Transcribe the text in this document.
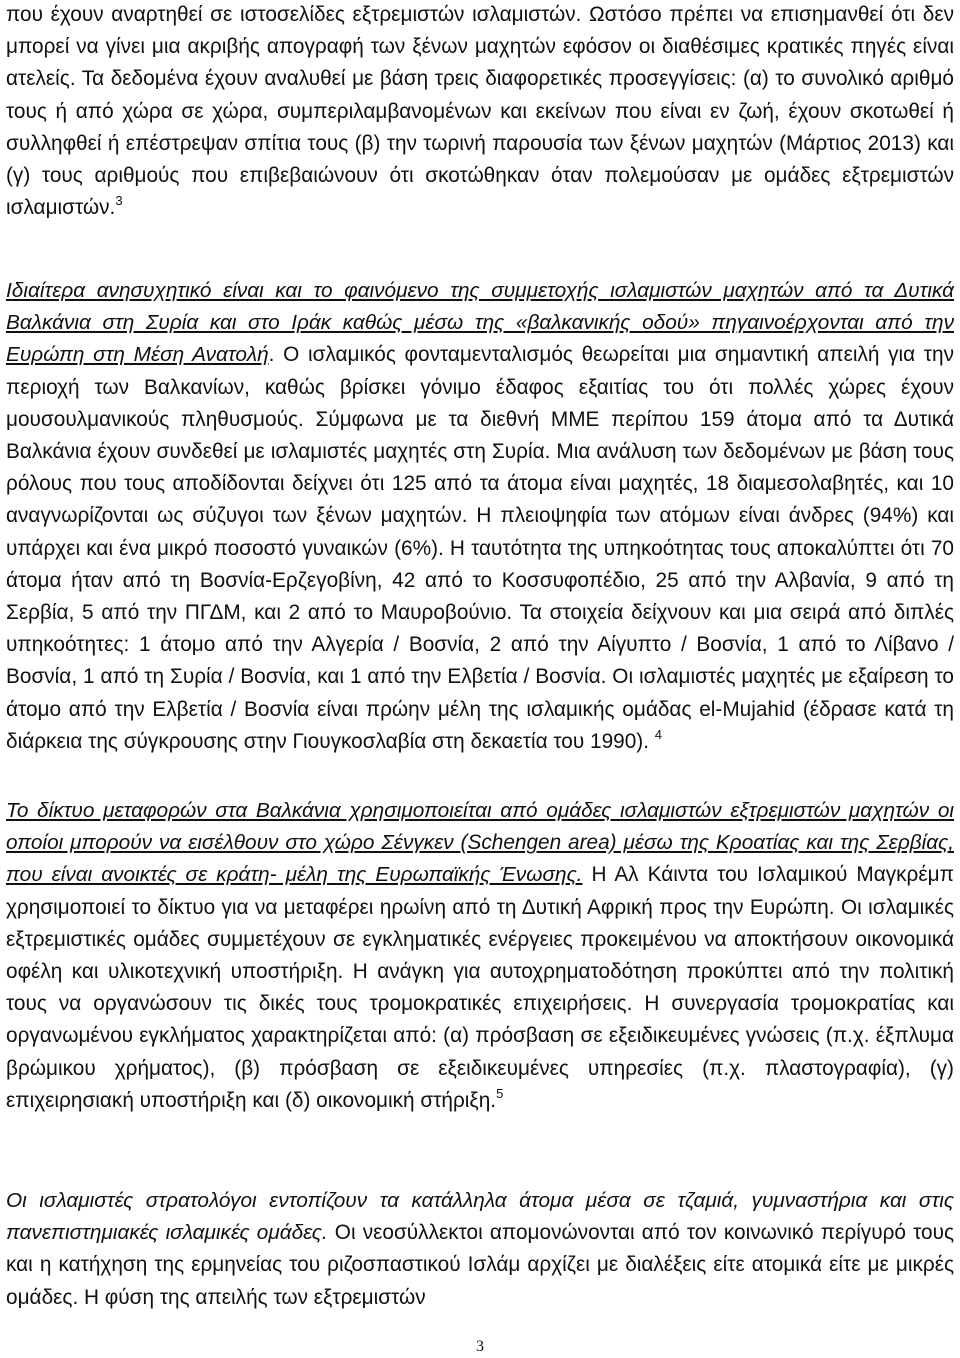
που έχουν αναρτηθεί σε ιστοσελίδες εξτρεμιστών ισλαμιστών. Ωστόσο πρέπει να επισημανθεί ότι δεν μπορεί να γίνει μια ακριβής απογραφή των ξένων μαχητών εφόσον οι διαθέσιμες κρατικές πηγές είναι ατελείς. Τα δεδομένα έχουν αναλυθεί με βάση τρεις διαφορετικές προσεγγίσεις: (α) το συνολικό αριθμό τους ή από χώρα σε χώρα, συμπεριλαμβανομένων και εκείνων που είναι εν ζωή, έχουν σκοτωθεί ή συλληφθεί ή επέστρεψαν σπίτια τους (β) την τωρινή παρουσία των ξένων μαχητών (Μάρτιος 2013) και (γ) τους αριθμούς που επιβεβαιώνουν ότι σκοτώθηκαν όταν πολεμούσαν με ομάδες εξτρεμιστών ισλαμιστών.$^3$

Ιδιαίτερα ανησυχητικό είναι και το φαινόμενο της συμμετοχής ισλαμιστών μαχητών από τα Δυτικά Βαλκάνια στη Συρία και στο Ιράκ καθώς μέσω της «βαλκανικής οδού» πηγαινοέρχονται από την Ευρώπη στη Μέση Ανατολή. Ο ισλαμικός φονταμενταλισμός θεωρείται μια σημαντική απειλή για την περιοχή των Βαλκανίων, καθώς βρίσκει γόνιμο έδαφος εξαιτίας του ότι πολλές χώρες έχουν μουσουλμανικούς πληθυσμούς. Σύμφωνα με τα διεθνή ΜΜΕ περίπου 159 άτομα από τα Δυτικά Βαλκάνια έχουν συνδεθεί με ισλαμιστές μαχητές στη Συρία. Μια ανάλυση των δεδομένων με βάση τους ρόλους που τους αποδίδονται δείχνει ότι 125 από τα άτομα είναι μαχητές, 18 διαμεσολαβητές, και 10 αναγνωρίζονται ως σύζυγοι των ξένων μαχητών. Η πλειοψηφία των ατόμων είναι άνδρες (94%) και υπάρχει και ένα μικρό ποσοστό γυναικών (6%). Η ταυτότητα της υπηκοότητας τους αποκαλύπτει ότι 70 άτομα ήταν από τη Βοσνία-Ερζεγοβίνη, 42 από το Κοσσυφοπέδιο, 25 από την Αλβανία, 9 από τη Σερβία, 5 από την ΠΓΔΜ, και 2 από το Μαυροβούνιο. Τα στοιχεία δείχνουν και μια σειρά από διπλές υπηκοότητες: 1 άτομο από την Αλγερία / Βοσνία, 2 από την Αίγυπτο / Βοσνία, 1 από το Λίβανο / Βοσνία, 1 από τη Συρία / Βοσνία, και 1 από την Ελβετία / Βοσνία. Οι ισλαμιστές μαχητές με εξαίρεση το άτομο από την Ελβετία / Βοσνία είναι πρώην μέλη της ισλαμικής ομάδας el-Mujahid (έδρασε κατά τη διάρκεια της σύγκρουσης στην Γιουγκοσλαβία στη δεκαετία του 1990). $^4$

Το δίκτυο μεταφορών στα Βαλκάνια χρησιμοποιείται από ομάδες ισλαμιστών εξτρεμιστών μαχητών οι οποίοι μπορούν να εισέλθουν στο χώρο Σένγκεν (Schengen area) μέσω της Κροατίας και της Σερβίας, που είναι ανοικτές σε κράτη- μέλη της Ευρωπαϊκής Ένωσης. Η Αλ Κάιντα του Ισλαμικού Μαγκρέμπ χρησιμοποιεί το δίκτυο για να μεταφέρει ηρωίνη από τη Δυτική Αφρική προς την Ευρώπη. Οι ισλαμικές εξτρεμιστικές ομάδες συμμετέχουν σε εγκληματικές ενέργειες προκειμένου να αποκτήσουν οικονομικά οφέλη και υλικοτεχνική υποστήριξη. Η ανάγκη για αυτοχρηματοδότηση προκύπτει από την πολιτική τους να οργανώσουν τις δικές τους τρομοκρατικές επιχειρήσεις. Η συνεργασία τρομοκρατίας και οργανωμένου εγκλήματος χαρακτηρίζεται από: (α) πρόσβαση σε εξειδικευμένες γνώσεις (π.χ. έξπλυμα βρώμικου χρήματος), (β) πρόσβαση σε εξειδικευμένες υπηρεσίες (π.χ. πλαστογραφία), (γ) επιχειρησιακή υποστήριξη και (δ) οικονομική στήριξη.$^5$

Οι ισλαμιστές στρατολόγοι εντοπίζουν τα κατάλληλα άτομα μέσα σε τζαμιά, γυμναστήρια και στις πανεπιστημιακές ισλαμικές ομάδες. Οι νεοσύλλεκτοι απομονώνονται από τον κοινωνικό περίγυρό τους και η κατήχηση της ερμηνείας του ριζοσπαστικού Ισλάμ αρχίζει με διαλέξεις είτε ατομικά είτε με μικρές ομάδες. Η φύση της απειλής των εξτρεμιστών

3
